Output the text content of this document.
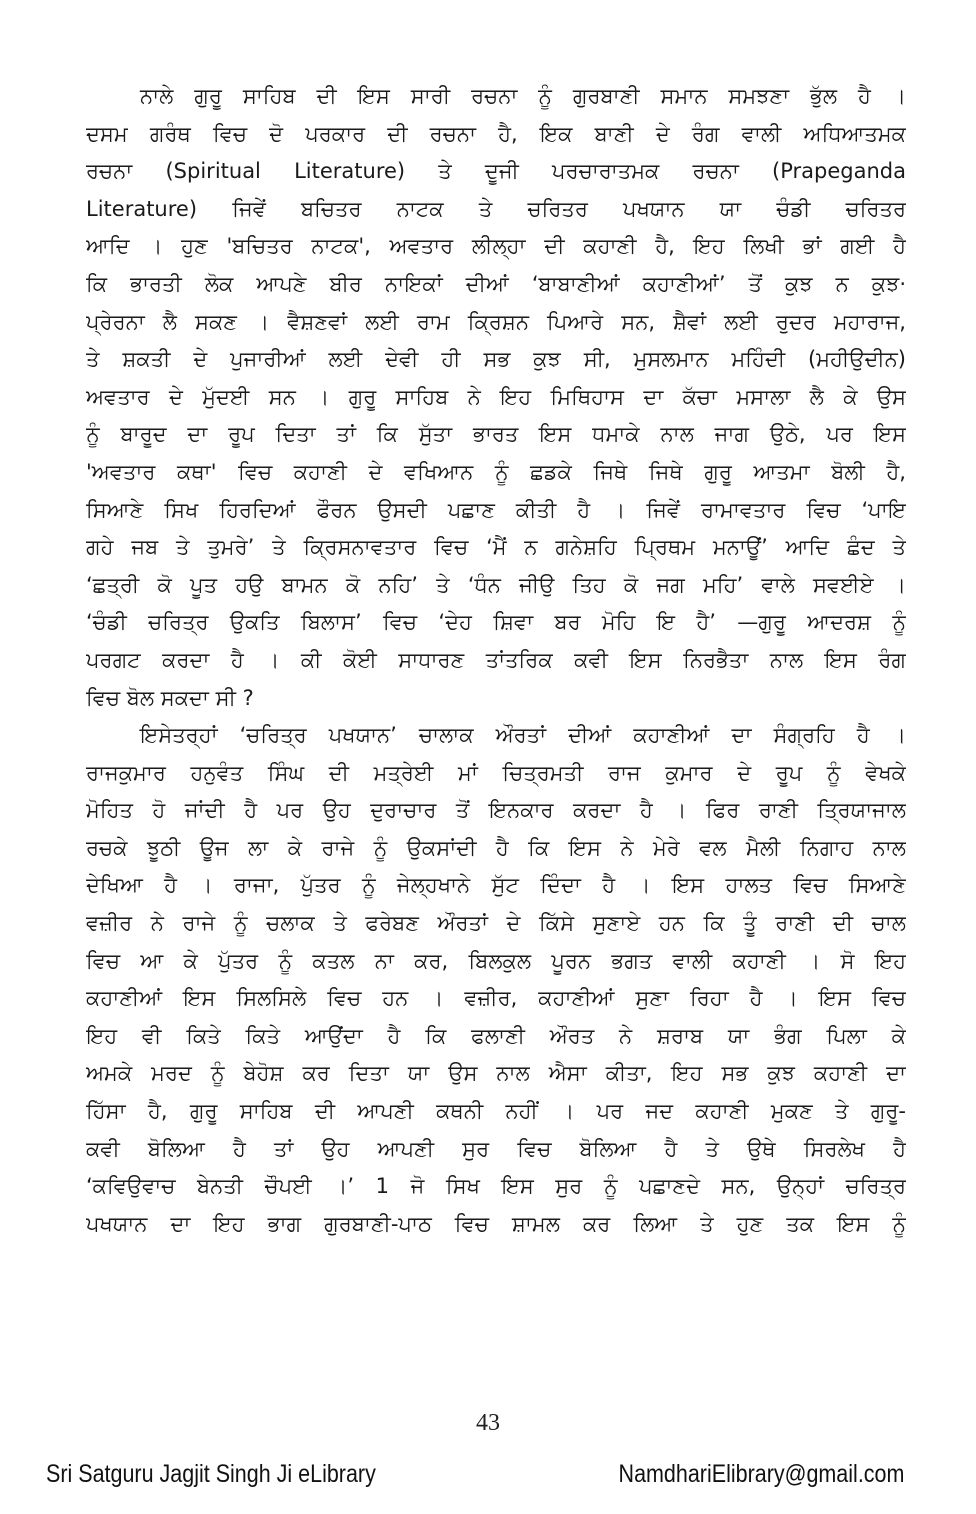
ਨਾਲੇ ਗੁਰੂ ਸਾਹਿਬ ਦੀ ਇਸ ਸਾਰੀ ਰਚਨਾ ਨੂੰ ਗੁਰਬਾਣੀ ਸਮਾਨ ਸਮਝਣਾ ਭੁੱਲ ਹੈ ।
ਦਸਮ ਗਰੰਥ ਵਿਚ ਦੋ ਪਰਕਾਰ ਦੀ ਰਚਨਾ ਹੈ, ਇਕ ਬਾਣੀ ਦੇ ਰੰਗ ਵਾਲੀ ਅਧਿਆਤਮਕ
ਰਚਨਾ (Spiritual Literature) ਤੇ ਦੂਜੀ ਪਰਚਾਰਾਤਮਕ ਰਚਨਾ (Prapeganda
Literature) ਜਿਵੇਂ ਬਚਿਤਰ ਨਾਟਕ ਤੇ ਚਰਿਤਰ ਪਖਯਾਨ ਯਾ ਚੰਡੀ ਚਰਿਤਰ
ਆਦਿ । ਹੁਣ 'ਬਚਿਤਰ ਨਾਟਕ', ਅਵਤਾਰ ਲੀਲ੍ਹਾ ਦੀ ਕਹਾਣੀ ਹੈ, ਇਹ ਲਿਖੀ ਭਾਂ ਗਈ ਹੈ
ਕਿ ਭਾਰਤੀ ਲੋਕ ਆਪਣੇ ਬੀਰ ਨਾਇਕਾਂ ਦੀਆਂ ‘ਬਾਬਾਣੀਆਂ ਕਹਾਣੀਆਂ’ ਤੋਂ ਕੁਝ ਨ ਕੁਝ·
ਪ੍ਰੇਰਨਾ ਲੈ ਸਕਣ । ਵੈਸ਼ਣਵਾਂ ਲਈ ਰਾਮ ਕ੍ਰਿਸ਼ਨ ਪਿਆਰੇ ਸਨ, ਸ਼ੈਵਾਂ ਲਈ ਰੁਦਰ ਮਹਾਰਾਜ,
ਤੇ ਸ਼ਕਤੀ ਦੇ ਪੁਜਾਰੀਆਂ ਲਈ ਦੇਵੀ ਹੀ ਸਭ ਕੁਝ ਸੀ, ਮੁਸਲਮਾਨ ਮਹਿੰਦੀ (ਮਹੀਉਦੀਨ)
ਅਵਤਾਰ ਦੇ ਮੁੱਦਈ ਸਨ । ਗੁਰੂ ਸਾਹਿਬ ਨੇ ਇਹ ਮਿਥਿਹਾਸ ਦਾ ਕੱਚਾ ਮਸਾਲਾ ਲੈ ਕੇ ਉਸ
ਨੂੰ ਬਾਰੂਦ ਦਾ ਰੂਪ ਦਿਤਾ ਤਾਂ ਕਿ ਸੁੱਤਾ ਭਾਰਤ ਇਸ ਧਮਾਕੇ ਨਾਲ ਜਾਗ ਉਠੇ, ਪਰ ਇਸ
'ਅਵਤਾਰ ਕਥਾ' ਵਿਚ ਕਹਾਣੀ ਦੇ ਵਖਿਆਨ ਨੂੰ ਛਡਕੇ ਜਿਥੇ ਜਿਥੇ ਗੁਰੂ ਆਤਮਾ ਬੋਲੀ ਹੈ,
ਸਿਆਣੇ ਸਿਖ ਹਿਰਦਿਆਂ ਫੌਰਨ ਉਸਦੀ ਪਛਾਣ ਕੀਤੀ ਹੈ । ਜਿਵੇਂ ਰਾਮਾਵਤਾਰ ਵਿਚ ‘ਪਾਇ
ਗਹੇ ਜਬ ਤੇ ਤੁਮਰੇ’ ਤੇ ਕ੍ਰਿਸਨਾਵਤਾਰ ਵਿਚ ‘ਮੈਂ ਨ ਗਨੇਸ਼ਹਿ ਪ੍ਰਿਥਮ ਮਨਾਊਂ’ ਆਦਿ ਛੰਦ ਤੇ
‘ਛਤ੍ਰੀ ਕੋ ਪੂਤ ਹਉ ਬਾਮਨ ਕੋ ਨਹਿ’ ਤੇ ‘ਧੰਨ ਜੀਉ ਤਿਹ ਕੋ ਜਗ ਮਹਿ’ ਵਾਲੇ ਸਵਈਏ ।
‘ਚੰਡੀ ਚਰਿਤ੍ਰ ਉਕਤਿ ਬਿਲਾਸ’ ਵਿਚ ‘ਦੇਹ ਸ਼ਿਵਾ ਬਰ ਮੋਹਿ ਇ ਹੈ’ —ਗੁਰੂ ਆਦਰਸ਼ ਨੂੰ
ਪਰਗਟ ਕਰਦਾ ਹੈ । ਕੀ ਕੋਈ ਸਾਧਾਰਣ ਤਾਂਤਰਿਕ ਕਵੀ ਇਸ ਨਿਰਭੈਤਾ ਨਾਲ ਇਸ ਰੰਗ
ਵਿਚ ਬੋਲ ਸਕਦਾ ਸੀ ?
ਇਸੇਤਰ੍ਹਾਂ ‘ਚਰਿਤ੍ਰ ਪਖਯਾਨ’ ਚਾਲਾਕ ਔਰਤਾਂ ਦੀਆਂ ਕਹਾਣੀਆਂ ਦਾ ਸੰਗ੍ਰਹਿ ਹੈ ।
ਰਾਜਕੁਮਾਰ ਹਨੁਵੰਤ ਸਿੰਘ ਦੀ ਮਤ੍ਰੇਈ ਮਾਂ ਚਿਤ੍ਰਮਤੀ ਰਾਜ ਕੁਮਾਰ ਦੇ ਰੂਪ ਨੂੰ ਵੇਖਕੇ
ਮੋਹਿਤ ਹੋ ਜਾਂਦੀ ਹੈ ਪਰ ਉਹ ਦੁਰਾਚਾਰ ਤੋਂ ਇਨਕਾਰ ਕਰਦਾ ਹੈ । ਫਿਰ ਰਾਣੀ ਤ੍ਰਿਯਾਜਾਲ
ਰਚਕੇ ਝੂਠੀ ਊਜ ਲਾ ਕੇ ਰਾਜੇ ਨੂੰ ਉਕਸਾਂਦੀ ਹੈ ਕਿ ਇਸ ਨੇ ਮੇਰੇ ਵਲ ਮੈਲੀ ਨਿਗਾਹ ਨਾਲ
ਦੇਖਿਆ ਹੈ । ਰਾਜਾ, ਪੁੱਤਰ ਨੂੰ ਜੇਲ੍ਹਖਾਨੇ ਸੁੱਟ ਦਿੰਦਾ ਹੈ । ਇਸ ਹਾਲਤ ਵਿਚ ਸਿਆਣੇ
ਵਜ਼ੀਰ ਨੇ ਰਾਜੇ ਨੂੰ ਚਲਾਕ ਤੇ ਫਰੇਬਣ ਔਰਤਾਂ ਦੇ ਕਿੱਸੇ ਸੁਣਾਏ ਹਨ ਕਿ ਤੂੰ ਰਾਣੀ ਦੀ ਚਾਲ
ਵਿਚ ਆ ਕੇ ਪੁੱਤਰ ਨੂੰ ਕਤਲ ਨਾ ਕਰ, ਬਿਲਕੁਲ ਪੂਰਨ ਭਗਤ ਵਾਲੀ ਕਹਾਣੀ । ਸੋ ਇਹ
ਕਹਾਣੀਆਂ ਇਸ ਸਿਲਸਿਲੇ ਵਿਚ ਹਨ । ਵਜ਼ੀਰ, ਕਹਾਣੀਆਂ ਸੁਣਾ ਰਿਹਾ ਹੈ । ਇਸ ਵਿਚ
ਇਹ ਵੀ ਕਿਤੇ ਕਿਤੇ ਆਉਂਦਾ ਹੈ ਕਿ ਫਲਾਣੀ ਔਰਤ ਨੇ ਸ਼ਰਾਬ ਯਾ ਭੰਗ ਪਿਲਾ ਕੇ
ਅਮਕੇ ਮਰਦ ਨੂੰ ਬੇਹੋਸ਼ ਕਰ ਦਿਤਾ ਯਾ ਉਸ ਨਾਲ ਐਸਾ ਕੀਤਾ, ਇਹ ਸਭ ਕੁਝ ਕਹਾਣੀ ਦਾ
ਹਿੱਸਾ ਹੈ, ਗੁਰੂ ਸਾਹਿਬ ਦੀ ਆਪਣੀ ਕਥਨੀ ਨਹੀਂ । ਪਰ ਜਦ ਕਹਾਣੀ ਮੁਕਣ ਤੇ ਗੁਰੂ-
ਕਵੀ ਬੋਲਿਆ ਹੈ ਤਾਂ ਉਹ ਆਪਣੀ ਸੁਰ ਵਿਚ ਬੋਲਿਆ ਹੈ ਤੇ ਉਥੇ ਸਿਰਲੇਖ ਹੈ
‘ਕਵਿਉਵਾਚ ਬੇਨਤੀ ਚੌਪਈ ।’ 1 ਜੋ ਸਿਖ ਇਸ ਸੁਰ ਨੂੰ ਪਛਾਣਦੇ ਸਨ, ਉਨ੍ਹਾਂ ਚਰਿਤ੍ਰ
ਪਖਯਾਨ ਦਾ ਇਹ ਭਾਗ ਗੁਰਬਾਣੀ-ਪਾਠ ਵਿਚ ਸ਼ਾਮਲ ਕਰ ਲਿਆ ਤੇ ਹੁਣ ਤਕ ਇਸ ਨੂੰ
43
Sri Satguru Jagjit Singh Ji eLibrary	NamdhariElibrary@gmail.com
